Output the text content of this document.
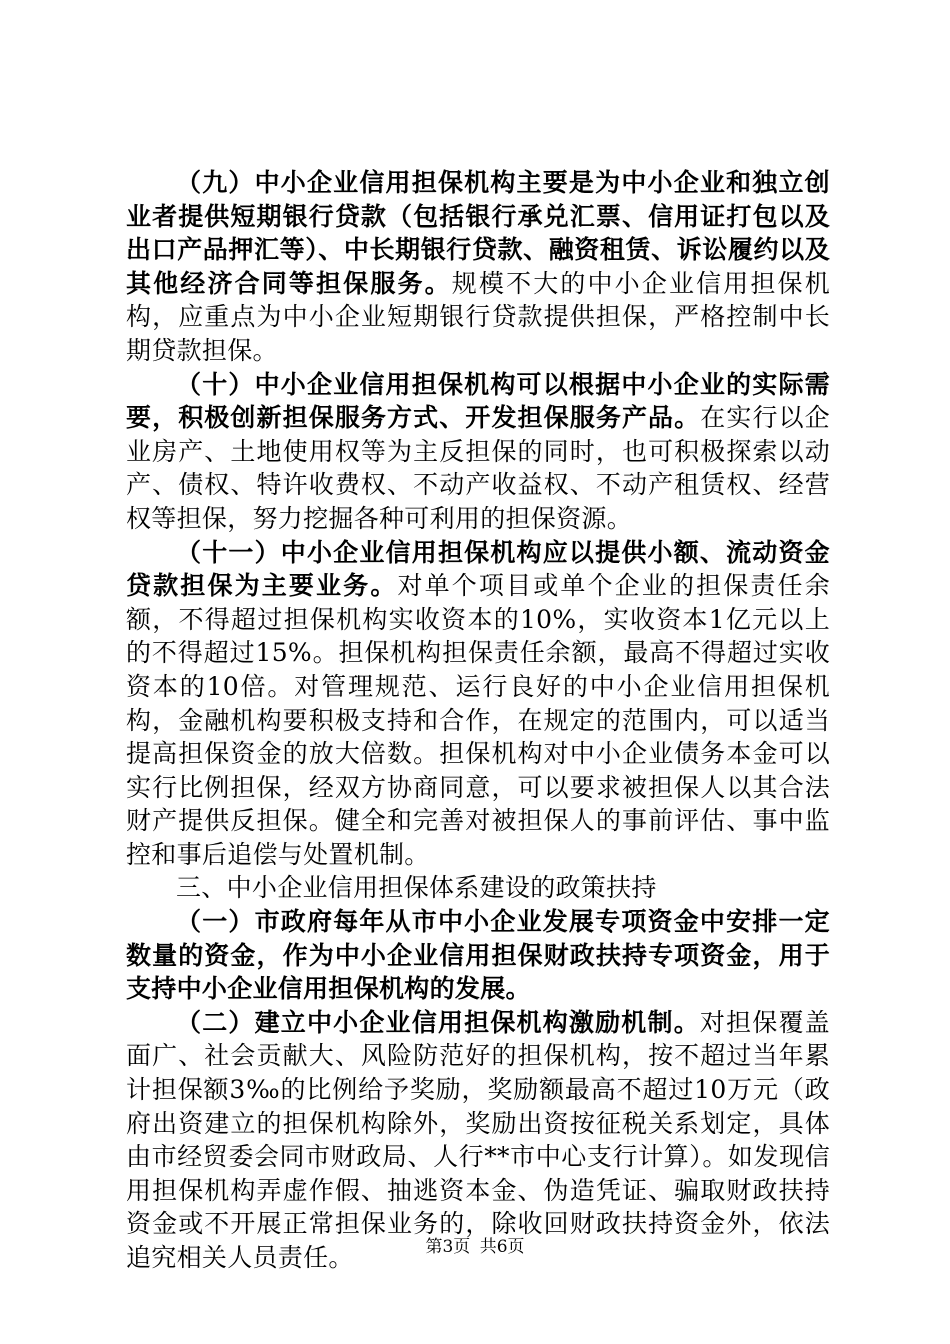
（九）中小企业信用担保机构主要是为中小企业和独立创业者提供短期银行贷款（包括银行承兑汇票、信用证打包以及出口产品押汇等）、中长期银行贷款、融资租赁、诉讼履约以及其他经济合同等担保服务。规模不大的中小企业信用担保机构，应重点为中小企业短期银行贷款提供担保，严格控制中长期贷款担保。

（十）中小企业信用担保机构可以根据中小企业的实际需要，积极创新担保服务方式、开发担保服务产品。在实行以企业房产、土地使用权等为主反担保的同时，也可积极探索以动产、债权、特许收费权、不动产收益权、不动产租赁权、经营权等担保，努力挖掘各种可利用的担保资源。

（十一）中小企业信用担保机构应以提供小额、流动资金贷款担保为主要业务。对单个项目或单个企业的担保责任余额，不得超过担保机构实收资本的10%，实收资本1亿元以上的不得超过15%。担保机构担保责任余额，最高不得超过实收资本的10倍。对管理规范、运行良好的中小企业信用担保机构，金融机构要积极支持和合作，在规定的范围内，可以适当提高担保资金的放大倍数。担保机构对中小企业债务本金可以实行比例担保，经双方协商同意，可以要求被担保人以其合法财产提供反担保。健全和完善对被担保人的事前评估、事中监控和事后追偿与处置机制。

三、中小企业信用担保体系建设的政策扶持

（一）市政府每年从市中小企业发展专项资金中安排一定数量的资金，作为中小企业信用担保财政扶持专项资金，用于支持中小企业信用担保机构的发展。

（二）建立中小企业信用担保机构激励机制。对担保覆盖面广、社会贡献大、风险防范好的担保机构，按不超过当年累计担保额3‰的比例给予奖励，奖励额最高不超过10万元（政府出资建立的担保机构除外，奖励出资按征税关系划定，具体由市经贸委会同市财政局、人行**市中心支行计算）。如发现信用担保机构弄虚作假、抽逃资本金、伪造凭证、骗取财政扶持资金或不开展正常担保业务的，除收回财政扶持资金外，依法追究相关人员责任。	第3页 共6页
